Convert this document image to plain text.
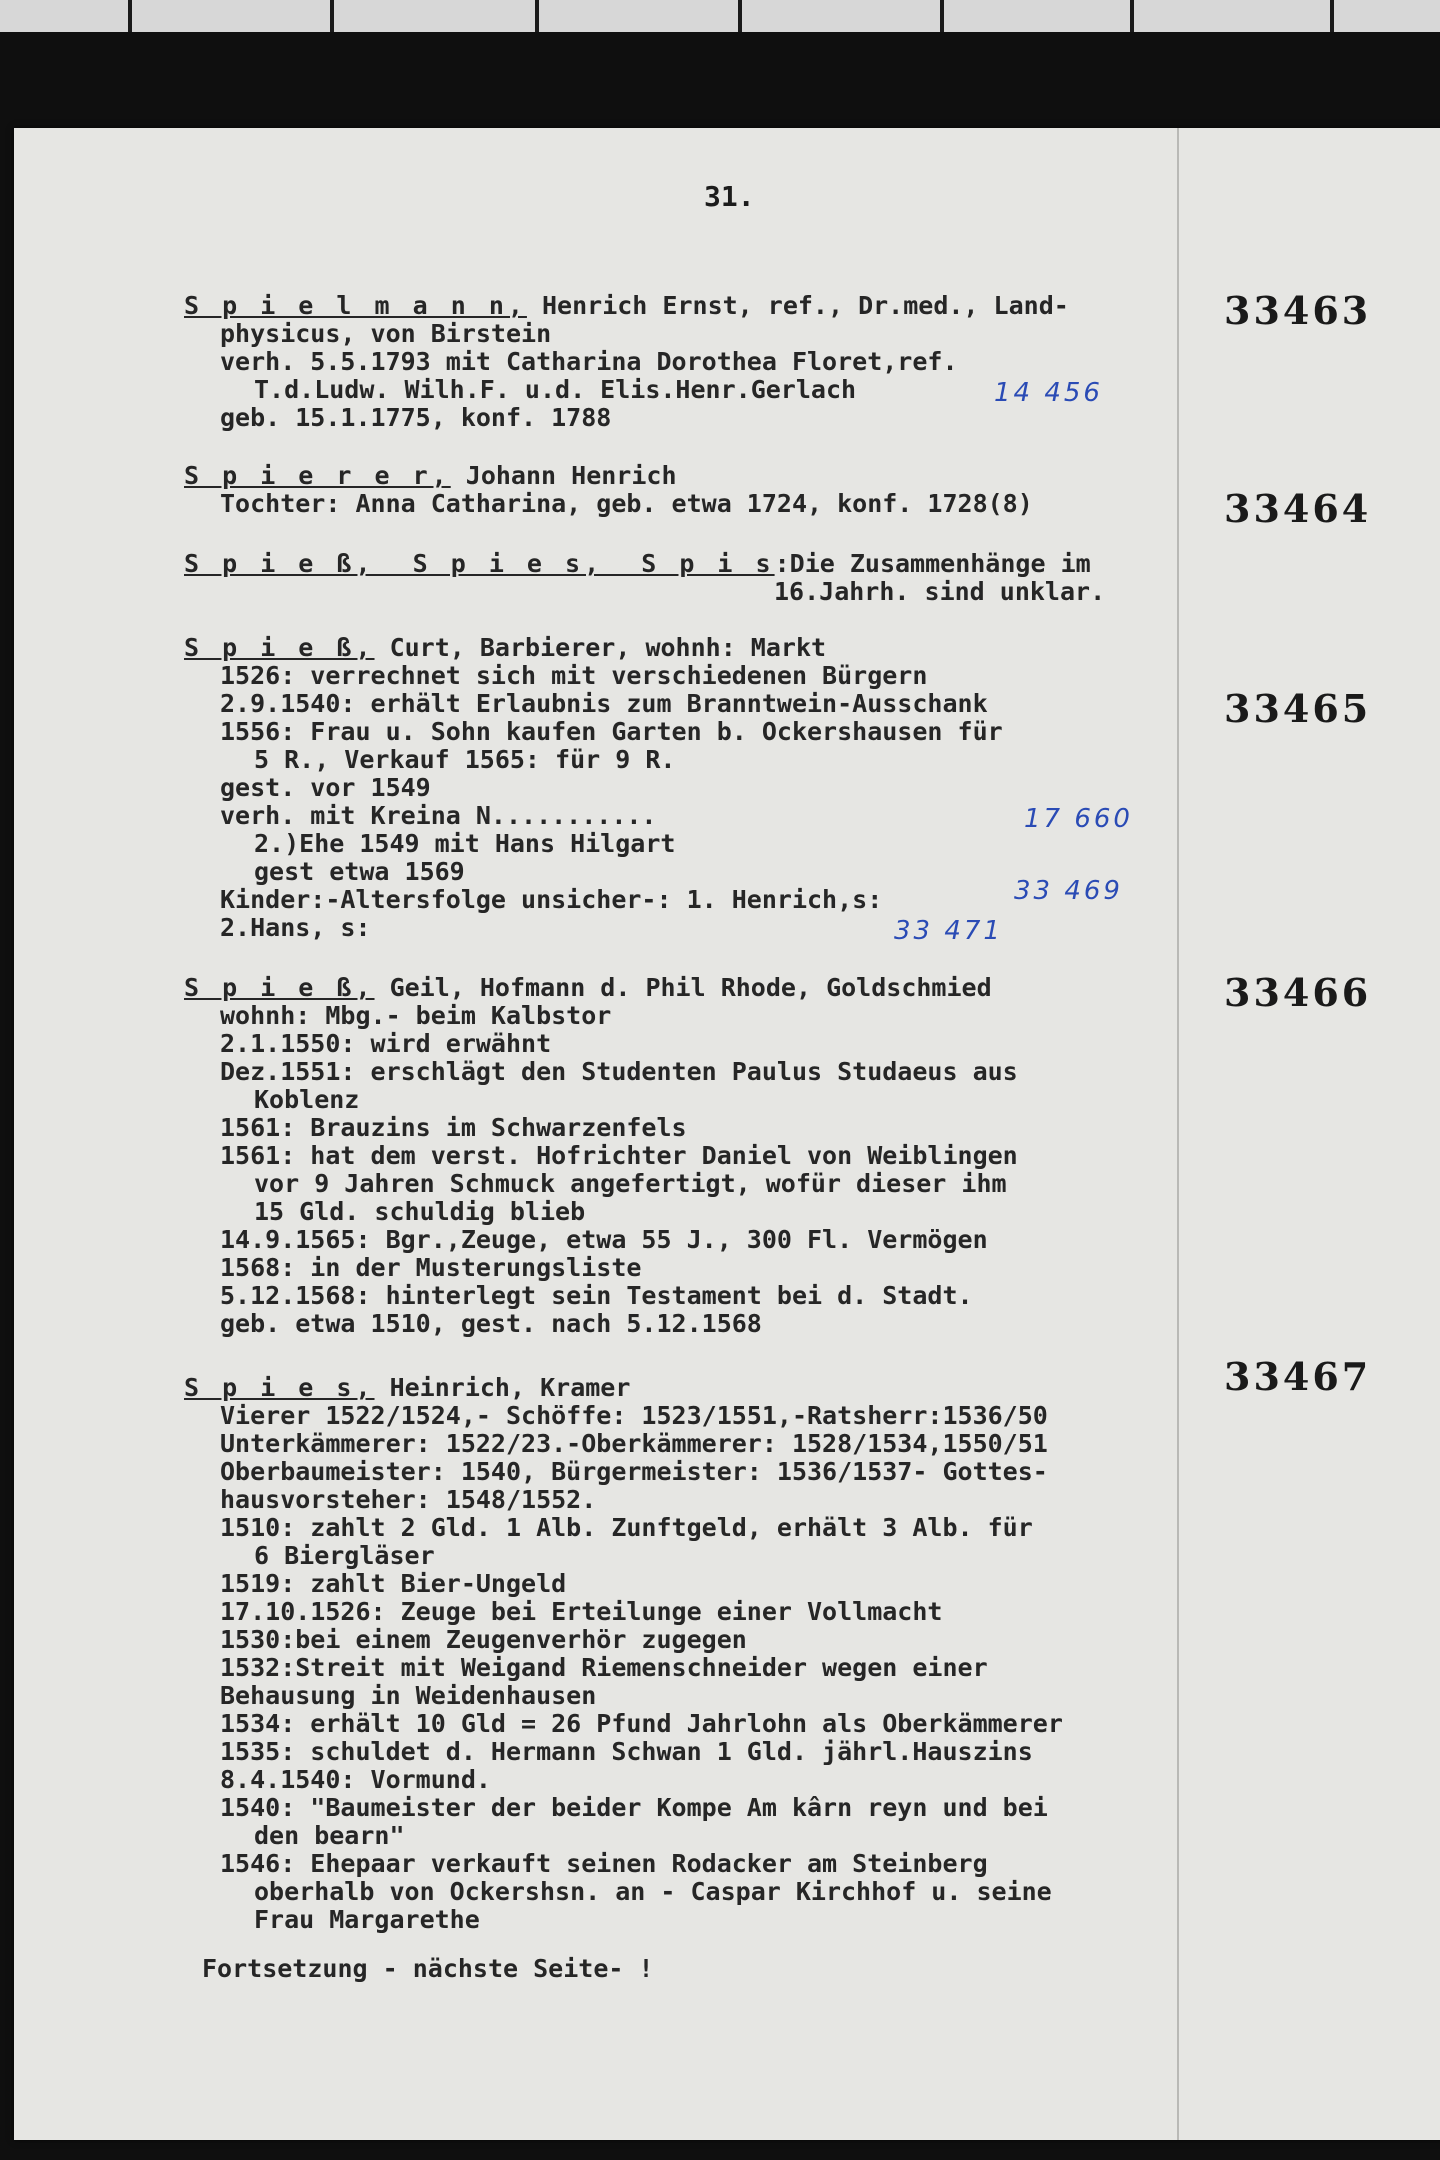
31.
S p i e l m a n n, Henrich Ernst, ref., Dr.med., Land-
physicus, von Birstein
verh. 5.5.1793 mit Catharina Dorothea Floret,ref.
T.d.Ludw. Wilh.F. u.d. Elis.Henr.Gerlach
geb. 15.1.1775, konf. 1788
33463
14 456
S p i e r e r, Johann Henrich
Tochter: Anna Catharina, geb. etwa 1724, konf. 1728(8)	33464
S p i e ß,  S p i e s,  S p i s:Die Zusammenhänge im
16.Jahrh. sind unklar.
S p i e ß, Curt, Barbierer, wohnh: Markt
1526: verrechnet sich mit verschiedenen Bürgern
2.9.1540: erhält Erlaubnis zum Branntwein-Ausschank
1556: Frau u. Sohn kaufen Garten b. Ockershausen für
5 R., Verkauf 1565: für 9 R.
gest. vor 1549
verh. mit Kreina N...........
2.)Ehe 1549 mit Hans Hilgart
gest etwa 1569
Kinder:-Altersfolge unsicher-: 1. Henrich,s:
2.Hans, s:
33465
17 660
33 469
33 471
S p i e ß, Geil, Hofmann d. Phil Rhode, Goldschmied
wohnh: Mbg.- beim Kalbstor
2.1.1550: wird erwähnt
Dez.1551: erschlägt den Studenten Paulus Studaeus aus
Koblenz
1561: Brauzins im Schwarzenfels
1561: hat dem verst. Hofrichter Daniel von Weiblingen
vor 9 Jahren Schmuck angefertigt, wofür dieser ihm
15 Gld. schuldig blieb
14.9.1565: Bgr.,Zeuge, etwa 55 J., 300 Fl. Vermögen
1568: in der Musterungsliste
5.12.1568: hinterlegt sein Testament bei d. Stadt.
geb. etwa 1510, gest. nach 5.12.1568
33466
S p i e s, Heinrich, Kramer
Vierer 1522/1524,- Schöffe: 1523/1551,-Ratsherr:1536/50
Unterkämmerer: 1522/23.-Oberkämmerer: 1528/1534,1550/51
Oberbaumeister: 1540, Bürgermeister: 1536/1537- Gottes-
hausvorsteher: 1548/1552.
1510: zahlt 2 Gld. 1 Alb. Zunftgeld, erhält 3 Alb. für
6 Biergläser
1519: zahlt Bier-Ungeld
17.10.1526: Zeuge bei Erteilunge einer Vollmacht
1530:bei einem Zeugenverhör zugegen
1532:Streit mit Weigand Riemenschneider wegen einer
Behausung in Weidenhausen
1534: erhält 10 Gld = 26 Pfund Jahrlohn als Oberkämmerer
1535: schuldet d. Hermann Schwan 1 Gld. jährl.Hauszins
8.4.1540: Vormund.
1540: "Baumeister der beider Kompe Am kârn reyn und bei
den bearn"
1546: Ehepaar verkauft seinen Rodacker am Steinberg
oberhalb von Ockershsn. an - Caspar Kirchhof u. seine
Frau Margarethe
33467
Fortsetzung - nächste Seite- !
